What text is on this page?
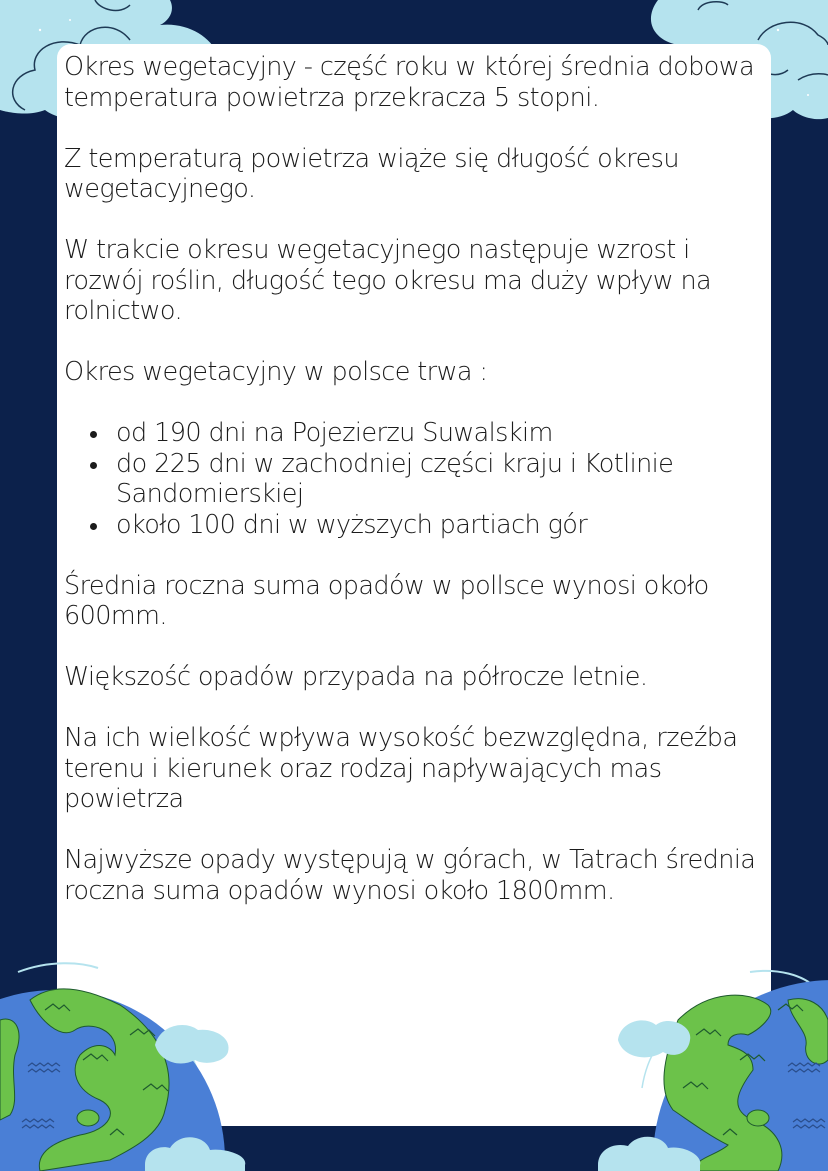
Okres wegetacyjny - część roku w której średnia dobowa temperatura powietrza przekracza 5 stopni.

Z temperaturą powietrza wiąże się długość okresu wegetacyjnego.

W trakcie okresu wegetacyjnego następuje wzrost i rozwój roślin, długość tego okresu ma duży wpływ na rolnictwo.

Okres wegetacyjny w polsce trwa :

od 190 dni na Pojezierzu Suwalskim
do 225 dni w zachodniej części kraju i Kotlinie Sandomierskiej
około 100 dni w wyższych partiach gór

Średnia roczna suma opadów w pollsce wynosi około 600mm.

Większość opadów przypada na półrocze letnie.

Na ich wielkość wpływa wysokość bezwzględna, rzeźba terenu i kierunek oraz rodzaj napływających mas powietrza

Najwyższe opady występują w górach, w Tatrach średnia roczna suma opadów wynosi około 1800mm.
